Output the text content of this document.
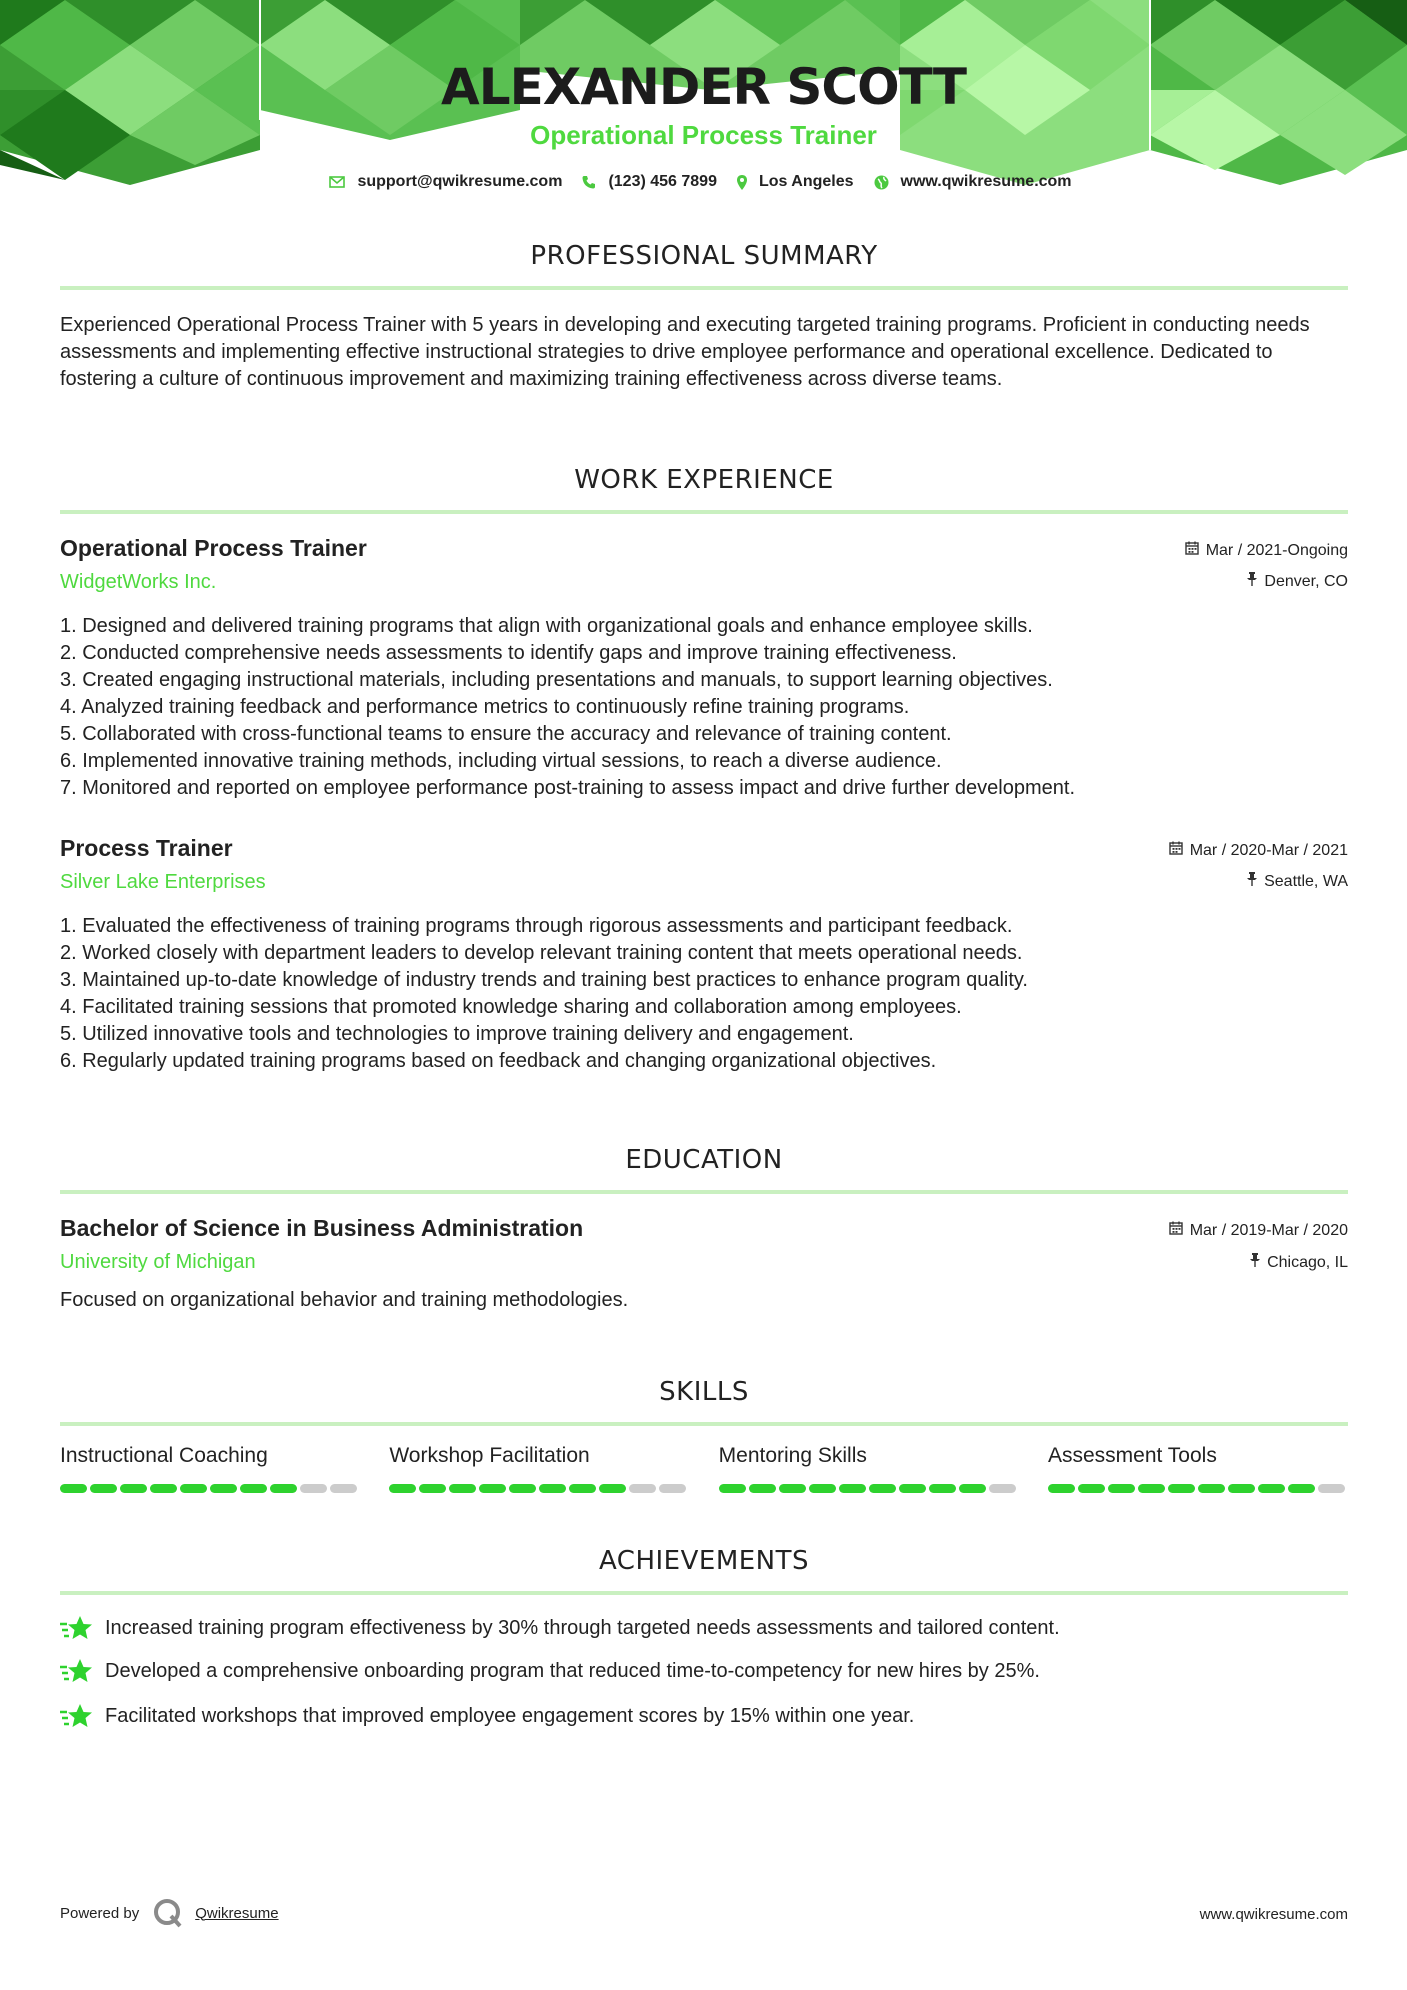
ALEXANDER SCOTT
Operational Process Trainer
support@qwikresume.com	(123) 456 7899	Los Angeles	www.qwikresume.com
PROFESSIONAL SUMMARY
Experienced Operational Process Trainer with 5 years in developing and executing targeted training programs. Proficient in conducting needs assessments and implementing effective instructional strategies to drive employee performance and operational excellence. Dedicated to fostering a culture of continuous improvement and maximizing training effectiveness across diverse teams.
WORK EXPERIENCE
Operational Process Trainer
WidgetWorks Inc.
Mar / 2021-Ongoing
Denver, CO
1. Designed and delivered training programs that align with organizational goals and enhance employee skills.
2. Conducted comprehensive needs assessments to identify gaps and improve training effectiveness.
3. Created engaging instructional materials, including presentations and manuals, to support learning objectives.
4. Analyzed training feedback and performance metrics to continuously refine training programs.
5. Collaborated with cross-functional teams to ensure the accuracy and relevance of training content.
6. Implemented innovative training methods, including virtual sessions, to reach a diverse audience.
7. Monitored and reported on employee performance post-training to assess impact and drive further development.
Process Trainer
Silver Lake Enterprises
Mar / 2020-Mar / 2021
Seattle, WA
1. Evaluated the effectiveness of training programs through rigorous assessments and participant feedback.
2. Worked closely with department leaders to develop relevant training content that meets operational needs.
3. Maintained up-to-date knowledge of industry trends and training best practices to enhance program quality.
4. Facilitated training sessions that promoted knowledge sharing and collaboration among employees.
5. Utilized innovative tools and technologies to improve training delivery and engagement.
6. Regularly updated training programs based on feedback and changing organizational objectives.
EDUCATION
Bachelor of Science in Business Administration
University of Michigan
Mar / 2019-Mar / 2020
Chicago, IL
Focused on organizational behavior and training methodologies.
SKILLS
Instructional Coaching	Workshop Facilitation	Mentoring Skills	Assessment Tools
ACHIEVEMENTS
Increased training program effectiveness by 30% through targeted needs assessments and tailored content.
Developed a comprehensive onboarding program that reduced time-to-competency for new hires by 25%.
Facilitated workshops that improved employee engagement scores by 15% within one year.
Powered by	Qwikresume	www.qwikresume.com
